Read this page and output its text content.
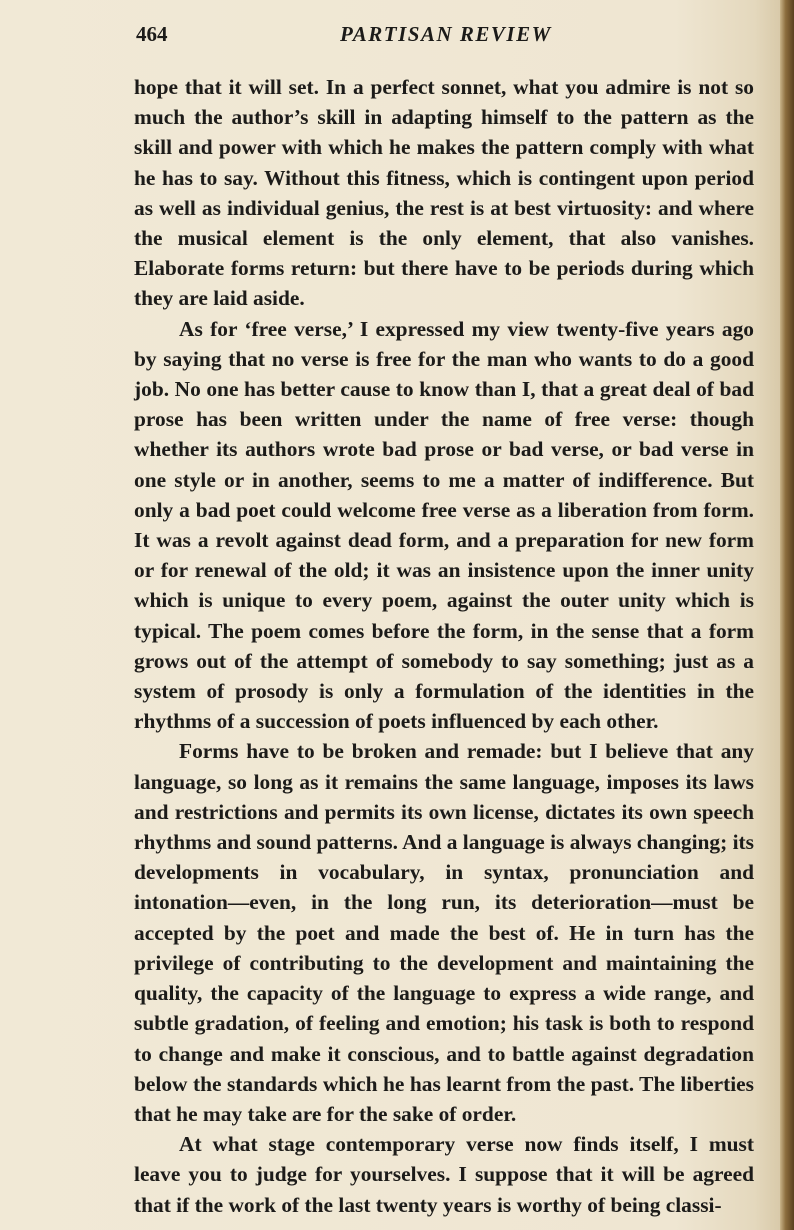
464	PARTISAN REVIEW

hope that it will set. In a perfect sonnet, what you admire is not so much the author’s skill in adapting himself to the pattern as the skill and power with which he makes the pattern comply with what he has to say. Without this fitness, which is contingent upon period as well as individual genius, the rest is at best virtuosity: and where the musical element is the only element, that also vanishes. Elaborate forms return: but there have to be periods during which they are laid aside.

As for ‘free verse,’ I expressed my view twenty-five years ago by saying that no verse is free for the man who wants to do a good job. No one has better cause to know than I, that a great deal of bad prose has been written under the name of free verse: though whether its authors wrote bad prose or bad verse, or bad verse in one style or in another, seems to me a matter of indifference. But only a bad poet could welcome free verse as a liberation from form. It was a revolt against dead form, and a preparation for new form or for renewal of the old; it was an insistence upon the inner unity which is unique to every poem, against the outer unity which is typical. The poem comes before the form, in the sense that a form grows out of the attempt of somebody to say something; just as a system of prosody is only a formulation of the identities in the rhythms of a succession of poets influenced by each other.

Forms have to be broken and remade: but I believe that any language, so long as it remains the same language, imposes its laws and restrictions and permits its own license, dictates its own speech rhythms and sound patterns. And a language is always changing; its developments in vocabulary, in syntax, pronunciation and intonation—even, in the long run, its deterioration—must be accepted by the poet and made the best of. He in turn has the privilege of contributing to the development and maintaining the quality, the capacity of the language to express a wide range, and subtle gradation, of feeling and emotion; his task is both to respond to change and make it conscious, and to battle against degradation below the standards which he has learnt from the past. The liberties that he may take are for the sake of order.

At what stage contemporary verse now finds itself, I must leave you to judge for yourselves. I suppose that it will be agreed that if the work of the last twenty years is worthy of being classi-
